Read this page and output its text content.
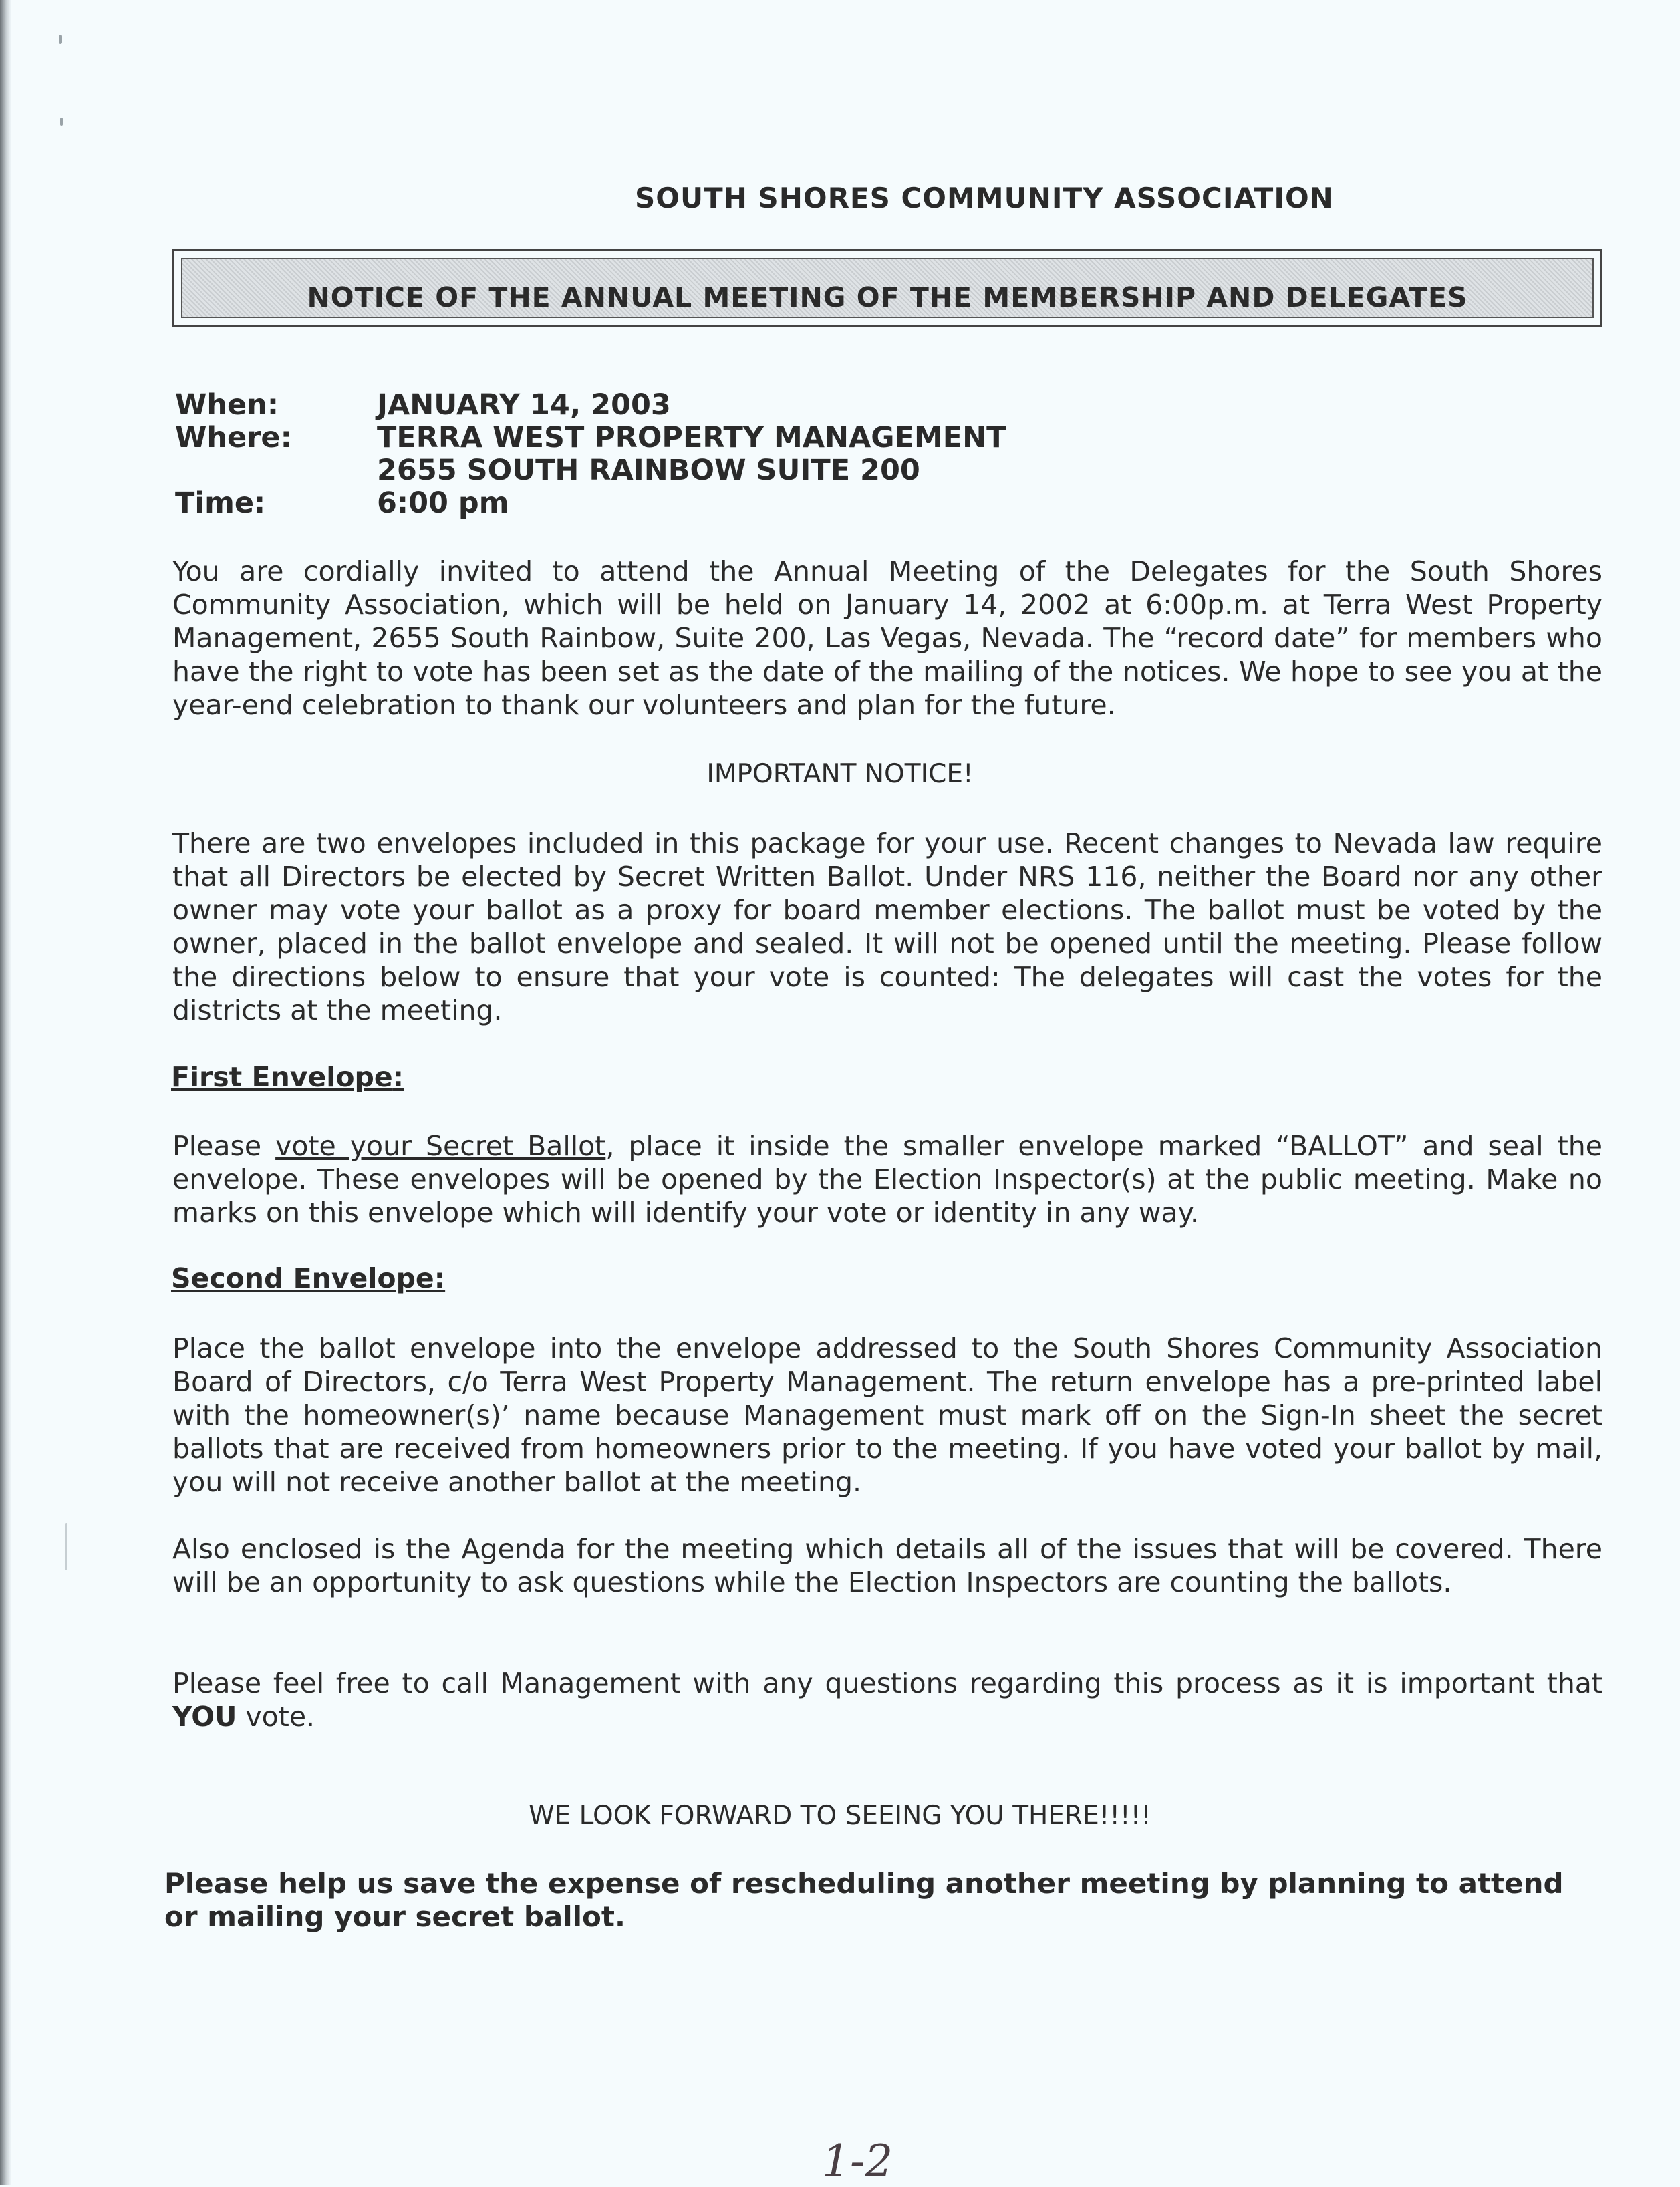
SOUTH SHORES COMMUNITY ASSOCIATION
NOTICE OF THE ANNUAL MEETING OF THE MEMBERSHIP AND DELEGATES
When:	JANUARY 14, 2003
Where:	TERRA WEST PROPERTY MANAGEMENT
2655 SOUTH RAINBOW SUITE 200
Time:	6:00 pm
You are cordially invited to attend the Annual Meeting of the Delegates for the South Shores Community Association, which will be held on January 14, 2002 at 6:00p.m. at Terra West Property Management, 2655 South Rainbow, Suite 200, Las Vegas, Nevada. The “record date” for members who have the right to vote has been set as the date of the mailing of the notices. We hope to see you at the year-end celebration to thank our volunteers and plan for the future.
IMPORTANT NOTICE!
There are two envelopes included in this package for your use. Recent changes to Nevada law require that all Directors be elected by Secret Written Ballot. Under NRS 116, neither the Board nor any other owner may vote your ballot as a proxy for board member elections. The ballot must be voted by the owner, placed in the ballot envelope and sealed. It will not be opened until the meeting. Please follow the directions below to ensure that your vote is counted: The delegates will cast the votes for the districts at the meeting.
First Envelope:
Please vote your Secret Ballot, place it inside the smaller envelope marked “BALLOT” and seal the envelope. These envelopes will be opened by the Election Inspector(s) at the public meeting. Make no marks on this envelope which will identify your vote or identity in any way.
Second Envelope:
Place the ballot envelope into the envelope addressed to the South Shores Community Association Board of Directors, c/o Terra West Property Management. The return envelope has a pre-printed label with the homeowner(s)’ name because Management must mark off on the Sign-In sheet the secret ballots that are received from homeowners prior to the meeting. If you have voted your ballot by mail, you will not receive another ballot at the meeting.
Also enclosed is the Agenda for the meeting which details all of the issues that will be covered. There will be an opportunity to ask questions while the Election Inspectors are counting the ballots.
Please feel free to call Management with any questions regarding this process as it is important that YOU vote.
WE LOOK FORWARD TO SEEING YOU THERE!!!!!
Please help us save the expense of rescheduling another meeting by planning to attend or mailing your secret ballot.
1-2
